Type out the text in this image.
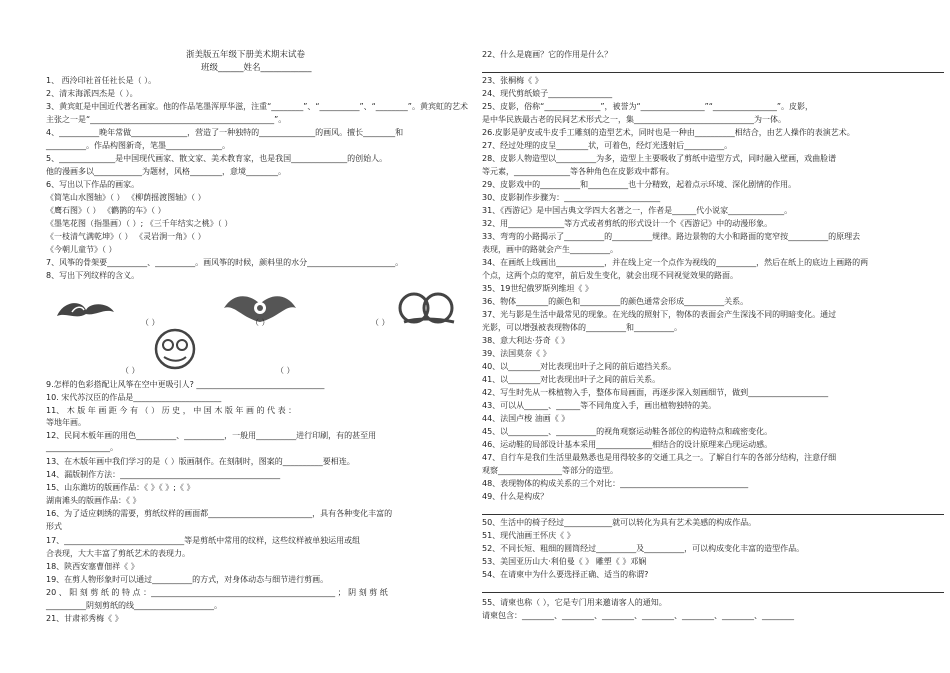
浙美版五年级下册美术期末试卷
班级______姓名____________
1、 西泠印社首任社长是（ ）。
2、清末海派四杰是（ ）。
3、黄宾虹是中国近代著名画家。他的作品笔墨浑厚华滋，注重“________”、“__________”、“________”。黄宾虹的艺术
主张之一是“______________________________________________”。
4、__________晚年常做______________，营造了一种独特的______________的画风。擅长________和
__________。作品构图新奇，笔墨______________。
5、______________是中国现代画家、散文家、美术教育家，也是我国______________的创始人。
他的漫画多以____________为题材，风格________，意境________。
6、写出以下作品的画家。
《简笔山水图轴》（ ） 《柳荫摇渡图轴》（ ）
《鹰石图》（ ） 《鹳鹊的车》（ ）
《墨笔花图（指墨画）（ ）; 《三千年结实之桃》（ ）
《一枝清气满乾坤》（ ） 《灵岩涧一角》（ ）
《今朝儿童节》（ ）
7、风筝的骨架要__________、__________。画风筝的时候，颜料里的水分______________________。
8、写出下列纹样的含义。
（ ）	（ ）	（ ）
（ ）	（ ）
9.怎样的色彩搭配让风筝在空中更吸引人? ________________________________
10. 宋代苏汉臣的作品是______________________
11、 木 版 年 画 距 今 有 （ ） 历 史 ， 中 国 木 版 年 画 的 代 表 ：
等地年画。
12、民间木板年画的用色__________、__________，一般用__________进行印刷，有的甚至用
________________。
13、在木版年画中我们学习的是（ ）版画制作。在刻制时，图案的__________要相连。
14、漏版制作方法：________________________________________
15、山东潍坊的版画作品：《 》《 》;《 》
湖南滩头的版画作品：《 》
16、为了适应刺绣的需要，剪纸纹样的画面都__________________________，具有各种变化丰富的
形式
17、______________________________等是剪纸中常用的纹样，这些纹样被单独运用或组
合表现，大大丰富了剪纸艺术的表现力。
18、陕西安塞曹佃祥《 》
19、在剪人物形象时可以通过__________的方式，对身体动态与细节进行剪画。
20 、 阳 刻 剪 纸 的 特 点 ：______________________________________________ ； 阴 刻 剪 纸
__________阴刻剪纸的线____________________。
21、甘肃祁秀梅《 》
22、什么是鹿画？它的作用是什么？
23、张桐梅《 》
24、现代剪纸娘子________________
25、皮影，俗称“______________”，被誉为“________________”“________________”。皮影，
是中华民族最古老的民间艺术形式之一，集______________________________为一体。
26.皮影是驴皮或牛皮手工雕刻的造型艺术，同时也是一种由__________相结合，由艺人操作的表演艺术。
27、经过处理的皮呈________状，可着色，经灯光透射后__________。
28、皮影人物造型以__________为多，造型上主要吸收了剪纸中造型方式，同时融入壁画，戏曲脸谱
等元素，______________等各种角色在皮影戏中都有。
29、皮影戏中的__________和__________也十分精致，起着点示环境、深化剧情的作用。
30、皮影制作步骤为：________________________
31、《西游记》是中国古典文学四大名著之一，作者是______代小说家______________。
32、用______________等方式或者剪纸的形式设计一个《西游记》中的动漫形象。
33、弯弯的小路揭示了__________的__________规律。路边景物的大小和路面的宽窄按__________的原理去
表现，画中的路就会产生__________。
34、在画纸上线画出____________，并在线上定一个点作为视线的__________，然后在纸上的底边上画路的两
个点，这两个点的宽窄，前后发生变化，就会出现不同视觉效果的路面。
35、19世纪俄罗斯列维坦《 》
36、物体________的颜色和__________的颜色通常会形成__________关系。
37、光与影是生活中最常见的现象。在光线的照射下，物体的表面会产生深浅不同的明暗变化。通过
光影，可以增强被表现物体的__________和__________。
38、意大利达·芬奇《 》
39、法国莫奈《 》
40、以________对比表现出叶子之间的前后遮挡关系。
41、以________对比表现出叶子之间的前后关系。
42、写生时先从一株植物入手，整体布局画面，再逐步深入刻画细节，做到____________________
43、可以从______、______等不同角度入手，画出植物独特的美。
44、法国卢梭 油画《 》
45、以__________、__________的视角观察运动鞋各部位的构造特点和疏密变化。
46、运动鞋的局部设计基本采用______________相结合的设计原理来凸现运动感。
47、自行车是我们生活里最熟悉也是用得较多的交通工具之一。了解自行车的各部分结构，注意仔细
观察________________等部分的造型。
48、表现物体的构成关系的三个对比：________________________________
49、什么是构成？
50、生活中的椅子经过____________就可以转化为具有艺术美感的构成作品。
51、现代油画王怀庆《 》
52、不同长短、粗细的圆筒经过__________及__________，可以构成变化丰富的造型作品。
53、美国亚历山大·利伯曼《 》 雕塑《 》邓娴
54、在请柬中为什么要选择正确、适当的称谓?
55、请柬也称（ ），它是专门用来邀请客人的通知。
请柬包含：________、________、________、________、________、________、________
